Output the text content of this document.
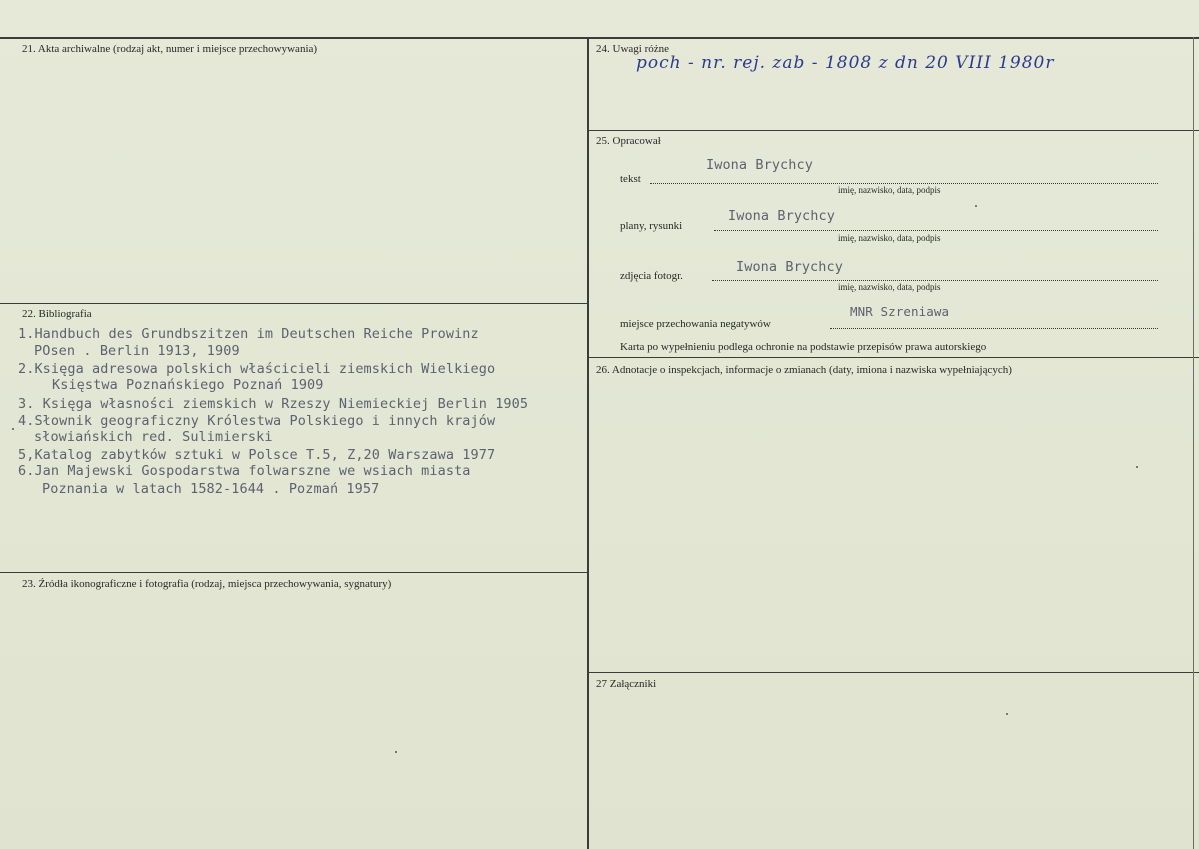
21. Akta archiwalne (rodzaj akt, numer i miejsce przechowywania)
22. Bibliografia
1.Handbuch des Grundbszitzen im Deutschen Reiche Prowinz
POsen . Berlin 1913, 1909
2.Księga adresowa polskich właścicieli ziemskich Wielkiego
Księstwa Poznańskiego Poznań 1909
3. Księga własności ziemskich w Rzeszy Niemieckiej Berlin 1905
4.Słownik geograficzny Królestwa Polskiego i innych krajów
słowiańskich red. Sulimierski
5,Katalog zabytków sztuki w Polsce T.5, Z,20 Warszawa 1977
6.Jan Majewski Gospodarstwa folwarszne we wsiach miasta
Poznania w latach 1582-1644 . Pozmań 1957
23. Źródła ikonograficzne i fotografia (rodzaj, miejsca przechowywania, sygnatury)
24. Uwagi różne
poch - nr. rej. zab - 1808 z dn 20 VIII 1980r
25. Opracował
tekst
Iwona Brychcy
imię, nazwisko, data, podpis
plany, rysunki
Iwona Brychcy
imię, nazwisko, data, podpis
zdjęcia fotogr.
Iwona Brychcy
imię, nazwisko, data, podpis
miejsce przechowania negatywów
MNR Szreniawa
Karta po wypełnieniu podlega ochronie na podstawie przepisów prawa autorskiego
26. Adnotacje o inspekcjach, informacje o zmianach (daty, imiona i nazwiska wypełniających)
27 Załączniki
